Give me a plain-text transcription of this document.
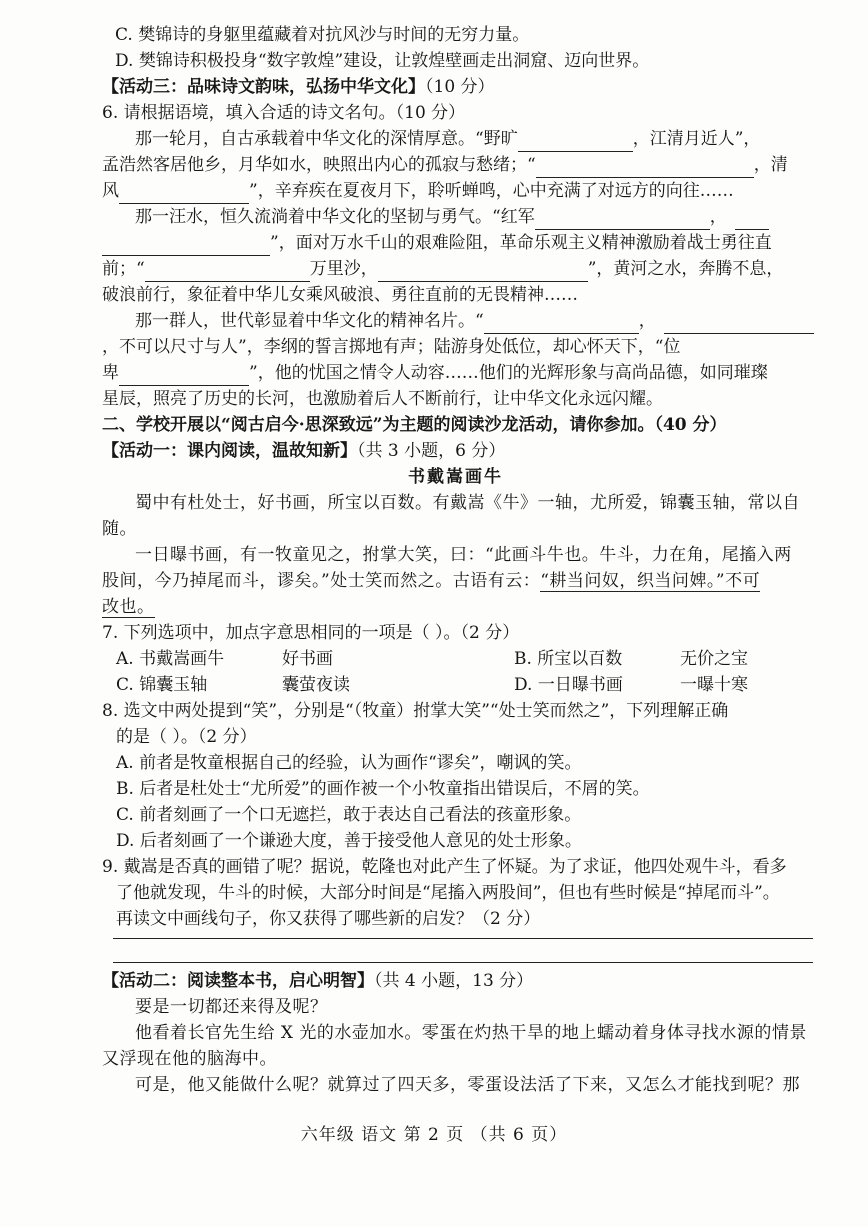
C. 樊锦诗的身躯里蕴藏着对抗风沙与时间的无穷力量。
D. 樊锦诗积极投身“数字敦煌”建设，让敦煌壁画走出洞窟、迈向世界。
【活动三：品味诗文韵味，弘扬中华文化】（10 分）
6. 请根据语境，填入合适的诗文名句。（10 分）
那一轮月，自古承载着中华文化的深情厚意。“野旷	，江清月近人”，
孟浩然客居他乡，月华如水，映照出内心的孤寂与愁绪；“	，清
风	”，辛弃疾在夏夜月下，聆听蝉鸣，心中充满了对远方的向往……
那一汪水，恒久流淌着中华文化的坚韧与勇气。“红军	，
”，面对万水千山的艰难险阻，革命乐观主义精神激励着战士勇往直
前；“	万里沙，	”，黄河之水，奔腾不息，
破浪前行，象征着中华儿女乘风破浪、勇往直前的无畏精神……
那一群人，世代彰显着中华文化的精神名片。“	，
，不可以尺寸与人”，李纲的誓言掷地有声；陆游身处低位，却心怀天下，“位
卑	”，他的忧国之情令人动容……他们的光辉形象与高尚品德，如同璀璨
星辰，照亮了历史的长河，也激励着后人不断前行，让中华文化永远闪耀。
二、学校开展以“阅古启今·思深致远”为主题的阅读沙龙活动，请你参加。（40 分）
【活动一：课内阅读，温故知新】（共 3 小题，6 分）
书戴嵩画牛
蜀中有杜处士，好书画，所宝以百数。有戴嵩《牛》一轴，尤所爱，锦囊玉轴，常以自
随。
一日曝书画，有一牧童见之，拊掌大笑，曰：“此画斗牛也。牛斗，力在角，尾搐入两
股间，今乃掉尾而斗，谬矣。”处士笑而然之。古语有云：“耕当问奴，织当问婢。”不可
改也。
7. 下列选项中，加点字意思相同的一项是（ ）。（2 分）
A. 书戴嵩画牛	好书画	B. 所宝以百数	无价之宝
C. 锦囊玉轴	囊萤夜读	D. 一日曝书画	一曝十寒
8. 选文中两处提到“笑”，分别是“（牧童）拊掌大笑”“处士笑而然之”，下列理解正确
的是（ ）。（2 分）
A. 前者是牧童根据自己的经验，认为画作“谬矣”，嘲讽的笑。
B. 后者是杜处士“尤所爱”的画作被一个小牧童指出错误后，不屑的笑。
C. 前者刻画了一个口无遮拦，敢于表达自己看法的孩童形象。
D. 后者刻画了一个谦逊大度，善于接受他人意见的处士形象。
9. 戴嵩是否真的画错了呢？据说，乾隆也对此产生了怀疑。为了求证，他四处观牛斗，看多
了他就发现，牛斗的时候，大部分时间是“尾搐入两股间”，但也有些时候是“掉尾而斗”。
再读文中画线句子，你又获得了哪些新的启发？（2 分）
【活动二：阅读整本书，启心明智】（共 4 小题，13 分）
要是一切都还来得及呢？
他看着长官先生给 X 光的水壶加水。零蛋在灼热干旱的地上蠕动着身体寻找水源的情景
又浮现在他的脑海中。
可是，他又能做什么呢？就算过了四天多，零蛋设法活了下来，又怎么才能找到呢？那
六年级 语文 第 2 页 （共 6 页）
